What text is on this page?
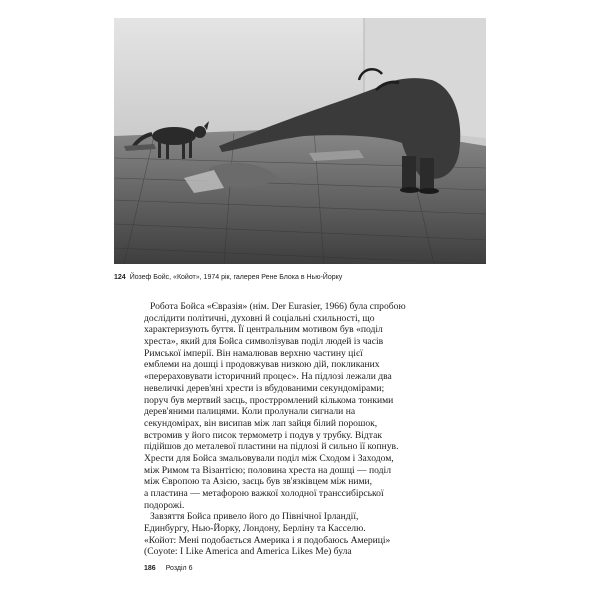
124 Йозеф Бойс, «Койот», 1974 рік, галерея Рене Блока в Нью-Йорку
Робота Бойса «Євразія» (нім. Der Eurasier, 1966) була спробою
дослідити політичні, духовні й соціальні схильності, що
характеризують буття. Її центральним мотивом був «поділ
хреста», який для Бойса символізував поділ людей із часів
Римської імперії. Він намалював верхню частину цієї
емблеми на дошці і продовжував низкою дій, покликаних
«перераховувати історичний процес». На підлозі лежали два
невеличкі дерев'яні хрести із вбудованими секундомірами;
поруч був мертвий заєць, прострромлений кількома тонкими
дерев'яними палицями. Коли пролунали сигнали на
секундомірах, він висипав між лап зайця білий порошок,
встромив у його писок термометр і подув у трубку. Відтак
підійшов до металевої пластини на підлозі й сильно її копнув.
Хрести для Бойса змальовували поділ між Сходом і Заходом,
між Римом та Візантією; половина хреста на дошці — поділ
між Європою та Азією, заєць був зв'язківцем між ними,
а пластина — метафорою важкої холодної транссибірської
подорожі.
Завзяття Бойса привело його до Північної Ірландії,
Единбургу, Нью-Йорку, Лондону, Берліну та Касселю.
«Койот: Мені подобається Америка і я подобаюсь Америці»
(Coyote: I Like America and America Likes Me) була
186 Розділ 6
